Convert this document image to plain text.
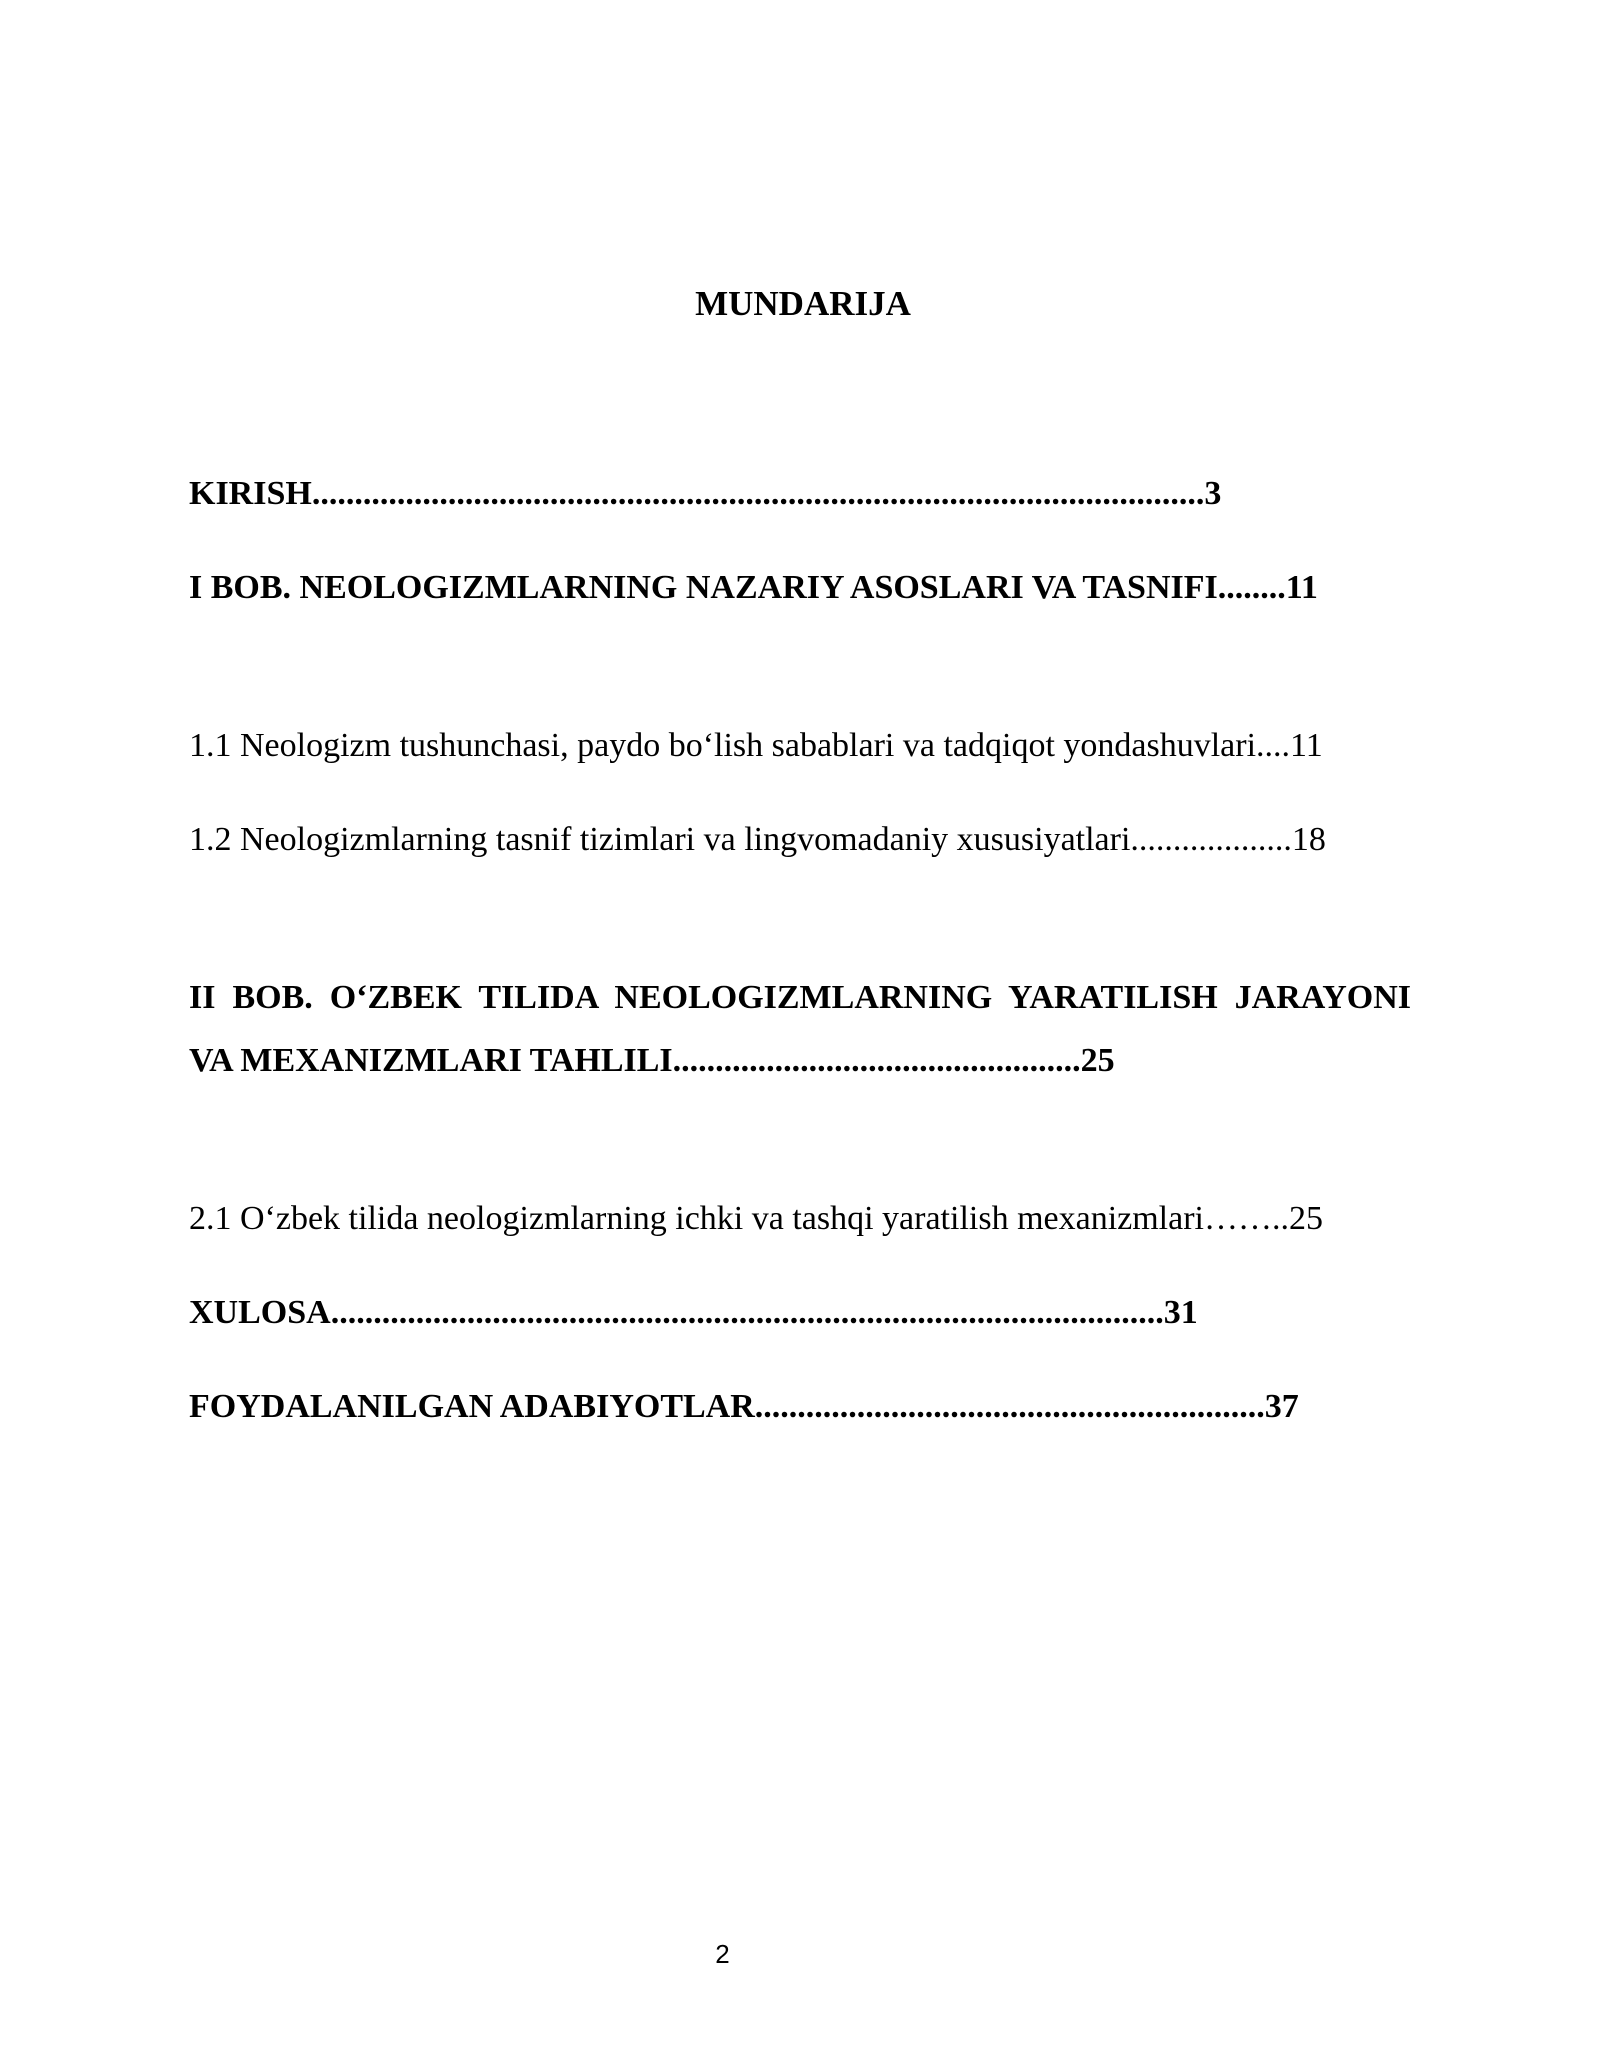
MUNDARIJA
KIRISH.........................................................................................................3
I BOB. NEOLOGIZMLARNING NAZARIY ASOSLARI VA TASNIFI........11
1.1 Neologizm tushunchasi, paydo bo‘lish sabablari va tadqiqot yondashuvlari....11
1.2 Neologizmlarning tasnif tizimlari va lingvomadaniy xususiyatlari...................18
II BOB. O‘ZBEK TILIDA NEOLOGIZMLARNING YARATILISH JARAYONI VA MEXANIZMLARI TAHLILI................................................25
2.1 O‘zbek tilida neologizmlarning ichki va tashqi yaratilish mexanizmlari……..25
XULOSA..................................................................................................31
FOYDALANILGAN ADABIYOTLAR............................................................37
2
